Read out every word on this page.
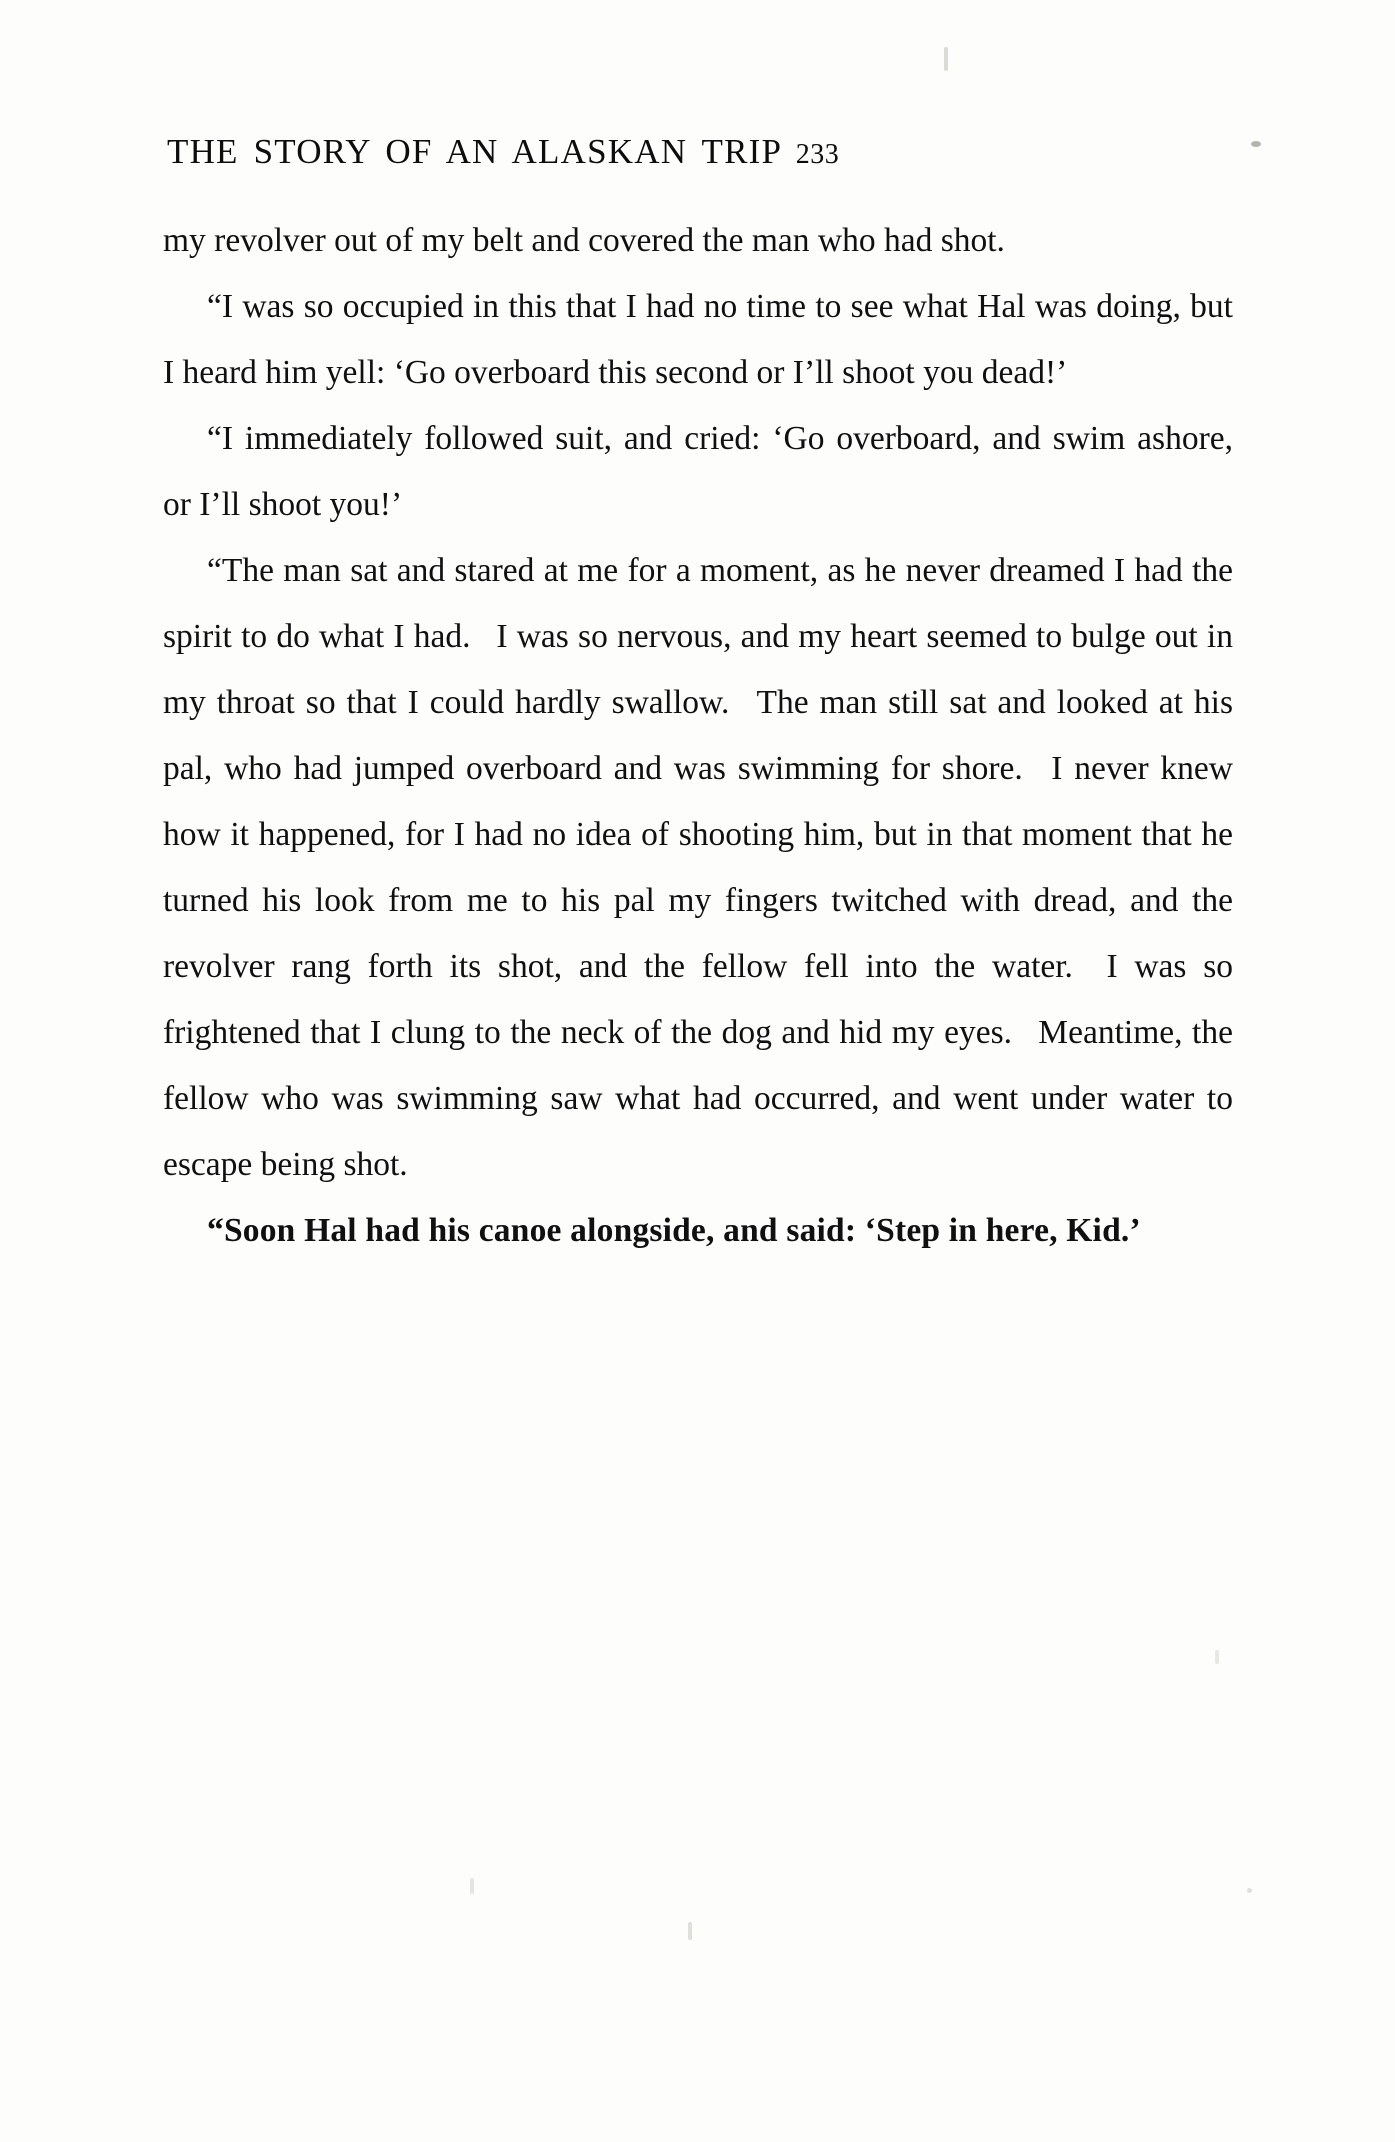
THE STORY OF AN ALASKAN TRIP 233

my revolver out of my belt and covered the man who had shot.

“I was so occupied in this that I had no time to see what Hal was doing, but I heard him yell: ‘Go overboard this second or I’ll shoot you dead!’

“I immediately followed suit, and cried: ‘Go overboard, and swim ashore, or I’ll shoot you!’

“The man sat and stared at me for a moment, as he never dreamed I had the spirit to do what I had.  I was so nervous, and my heart seemed to bulge out in my throat so that I could hardly swallow.  The man still sat and looked at his pal, who had jumped overboard and was swimming for shore.  I never knew how it happened, for I had no idea of shooting him, but in that moment that he turned his look from me to his pal my fingers twitched with dread, and the revolver rang forth its shot, and the fellow fell into the water.  I was so frightened that I clung to the neck of the dog and hid my eyes.  Meantime, the fellow who was swimming saw what had occurred, and went under water to escape being shot.

“Soon Hal had his canoe alongside, and said: ‘Step in here, Kid.’
